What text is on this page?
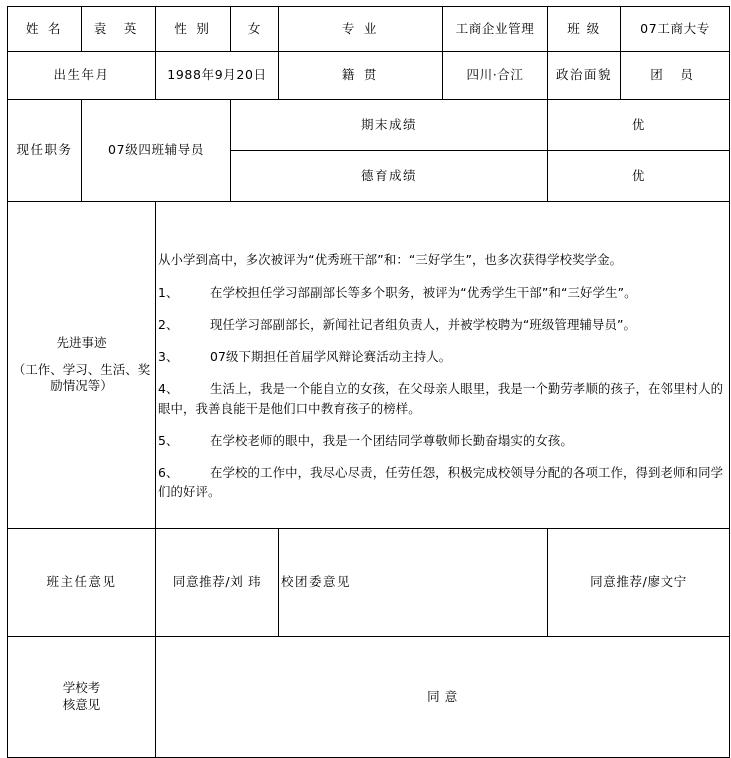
姓 名	袁 英	性 别	女	专 业	工商企业管理	班 级	07工商大专
出生年月		1988年9月20日		籍 贯	四川·合江	政治面貌	团 员
现任职务	07级四班辅导员		期末成绩			优	
			德育成绩			优	

先进事迹
（工作、学习、生活、奖励情况等）

从小学到高中，多次被评为“优秀班干部”和：“三好学生”，也多次获得学校奖学金。

1、	在学校担任学习部副部长等多个职务，被评为“优秀学生干部”和“三好学生”。

2、	现任学习部副部长，新闻社记者组负责人，并被学校聘为“班级管理辅导员”。

3、	07级下期担任首届学风辩论赛活动主持人。

4、	生活上，我是一个能自立的女孩，在父母亲人眼里，我是一个勤劳孝顺的孩子，在邻里村人的眼中，我善良能干是他们口中教育孩子的榜样。

5、	在学校老师的眼中，我是一个团结同学尊敬师长勤奋塌实的女孩。

6、	在学校的工作中，我尽心尽责，任劳任怨，积极完成校领导分配的各项工作，得到老师和同学们的好评。

班主任意见		同意推荐/刘 玮		校团委意见		同意推荐/廖文宁	

学校考
核意见		同 意					
